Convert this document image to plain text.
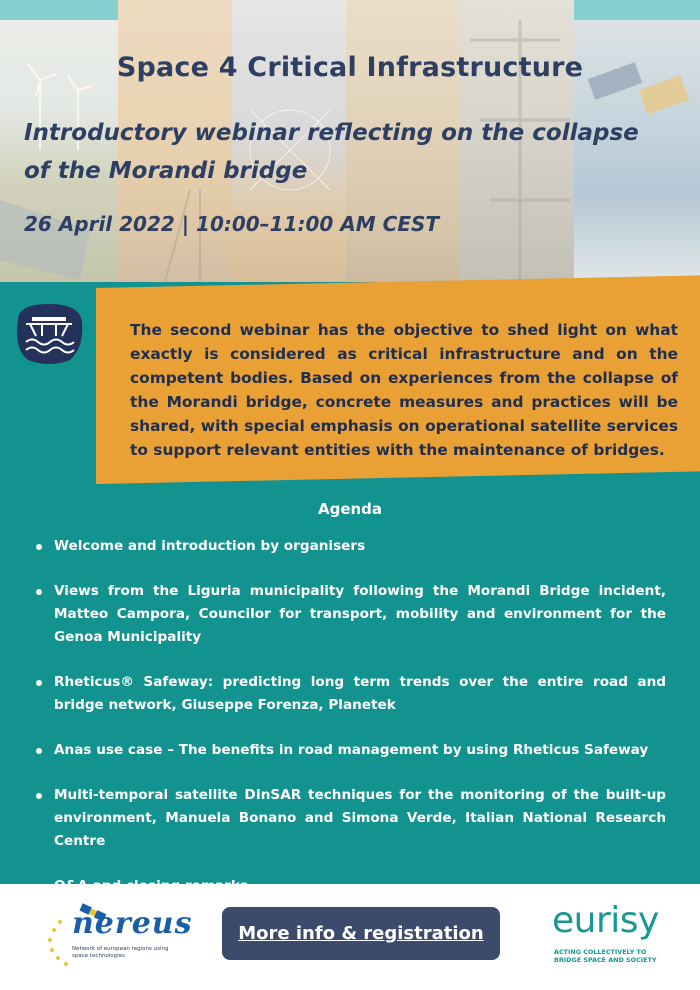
Space 4 Critical Infrastructure
Introductory webinar reflecting on the collapse of the Morandi bridge
26 April 2022 | 10:00–11:00 AM CEST

The second webinar has the objective to shed light on what exactly is considered as critical infrastructure and on the competent bodies. Based on experiences from the collapse of the Morandi bridge, concrete measures and practices will be shared, with special emphasis on operational satellite services to support relevant entities with the maintenance of bridges.

Agenda
Welcome and introduction by organisers
Views from the Liguria municipality following the Morandi Bridge incident, Matteo Campora, Councilor for transport, mobility and environment for the Genoa Municipality
Rheticus® Safeway: predicting long term trends over the entire road and bridge network, Giuseppe Forenza, Planetek
Anas use case – The benefits in road management by using Rheticus Safeway
Multi-temporal satellite DInSAR techniques for the monitoring of the built-up environment, Manuela Bonano and Simona Verde, Italian National Research Centre
nereus
Network of european regions using space technologies
More info & registration	eurisy
ACTING COLLECTIVELY TO BRIDGE SPACE AND SOCIETY
